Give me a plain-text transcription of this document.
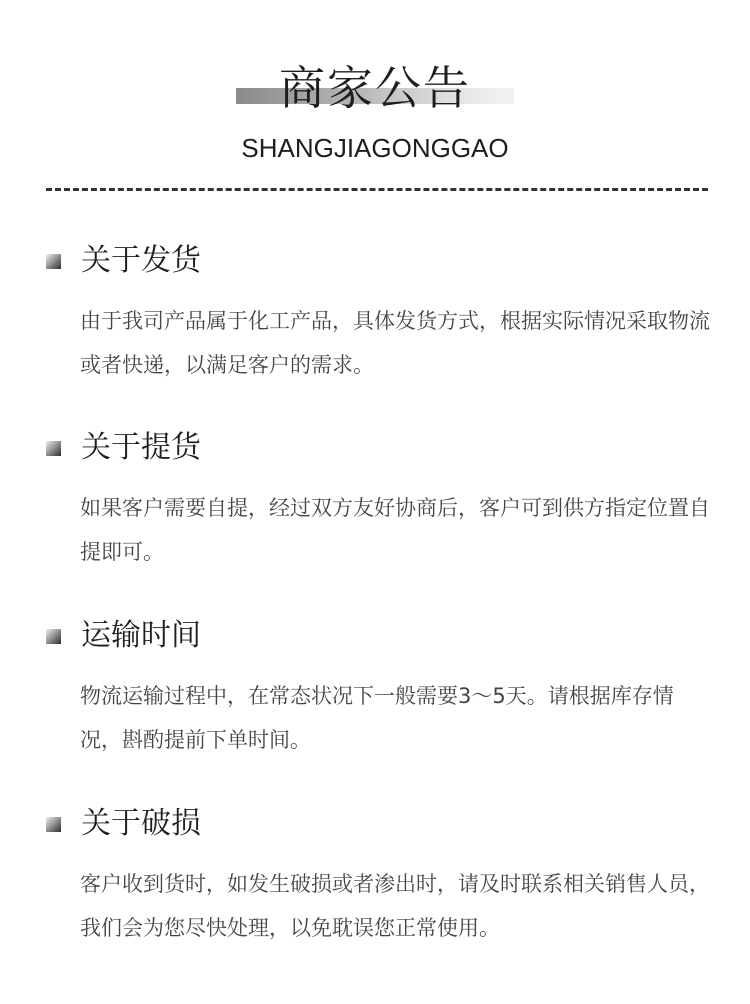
商家公告
SHANGJIAGONGGAO
关于发货
由于我司产品属于化工产品，具体发货方式，根据实际情况采取物流或者快递，以满足客户的需求。
关于提货
如果客户需要自提，经过双方友好协商后，客户可到供方指定位置自提即可。
运输时间
物流运输过程中，在常态状况下一般需要3～5天。请根据库存情况，斟酌提前下单时间。
关于破损
客户收到货时，如发生破损或者渗出时，请及时联系相关销售人员，我们会为您尽快处理，以免耽误您正常使用。
